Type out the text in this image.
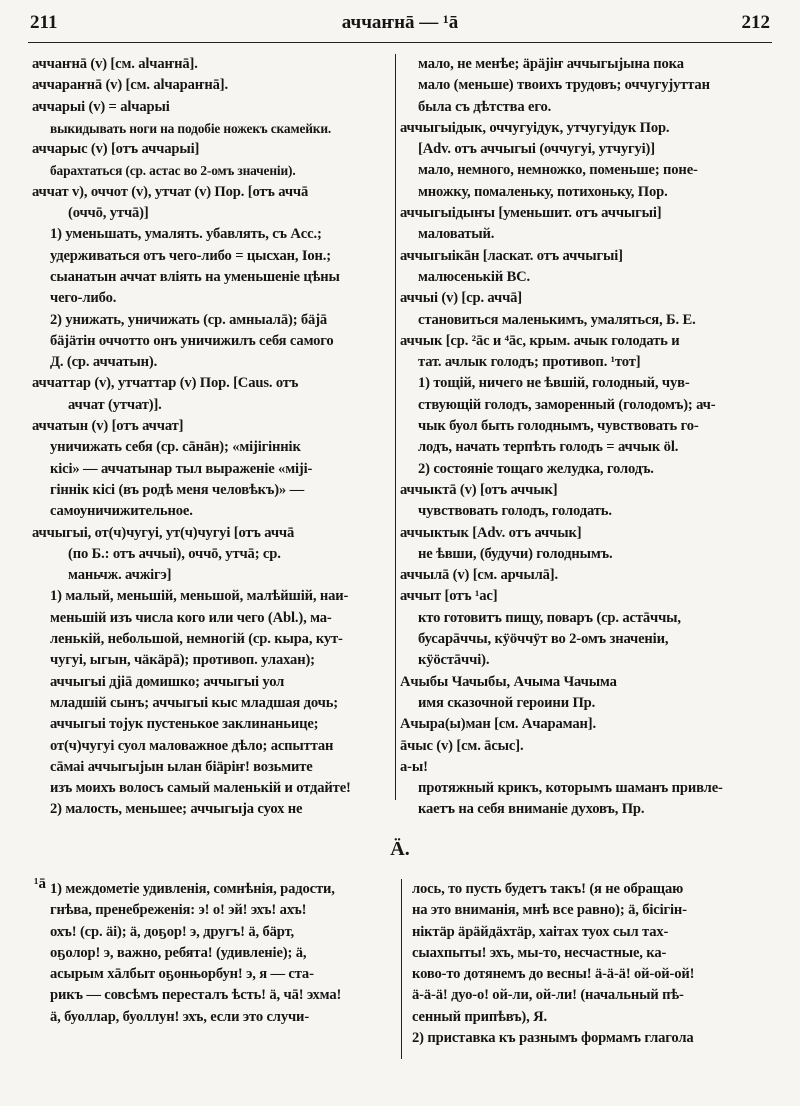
211	аччаҥнā — ¹ā	212
аччаҥнā (v) [см. аlчаҥнā].
аччараҥнā (v) [см. аlчараҥнā].
аччарыі (v) = аlчарыі
выкидывать ноги на подобіе ножекъ скамейки.
аччарыс (v) [отъ аччарыі]
барахтаться (ср. астас во 2-омъ значеніи).
аччат v), оччот (v), утчат (v) Пор. [отъ аччā
(оччō, утчā)]
1) уменьшать, умалять. убавлять, съ Acc.;
удерживаться отъ чего-либо = цысхан, Іон.;
сыанатын аччат вліять на уменьшеніе цѣны
чего-либо.
2) унижать, уничижать (ср. амныалā); бäjā
бäjäтін оччотто онъ уничижилъ себя самого
Д. (ср. аччатын).
аччаттар (v), утчаттар (v) Пор. [Caus. отъ
аччат (утчат)].
аччатын (v) [отъ аччат]
уничижать себя (ср. сāнāн); «міjігіннік
кісі» — аччатынар тыл выраженіе «міjі-
гіннік кісі (въ родѣ меня человѣкъ)» —
самоуничижительное.
аччыгыі, от(ч)чугуі, ут(ч)чугуі [отъ аччā
(по Б.: отъ аччыі), оччō, утчā; ср.
маньчж. ачжігэ]
1) малый, меньшій, меньшой, малѣйшій, наи-
меньшій изъ числа кого или чего (Abl.), ма-
ленькій, небольшой, немногій (ср. кыра, кут-
чугуі, ыгын, чäкäрā); противоп. улахан);
аччыгыі дjiā домишко; аччыгыі уол
младшій сынъ; аччыгыі кыс младшая дочь;
аччыгыі тојук пустенькое заклинаньице;
от(ч)чугуі суол маловажное дѣло; аспыттан
сāмаі аччыгыјын ылан біäріҥ! возьмите
изъ моихъ волосъ самый маленькій и отдайте!
2) малость, меньшее; аччыгыја суох не
мало, не менѣе; äрäjiҥ аччыгыјына пока
мало (меньше) твоихъ трудовъ; оччугујуттан
была съ дѣтства его.
аччыгыідык, оччугуідук, утчугуідук Пор.
[Adv. отъ аччыгыі (оччугуі, утчугуі)]
мало, немного, немножко, поменьше; поне-
множку, помаленьку, потихоньку, Пор.
аччыгыідыҥы [уменьшит. отъ аччыгыі]
маловатый.
аччыгыікāн [ласкат. отъ аччыгыі]
малюсенькій ВС.
аччыі (v) [ср. аччā]
становиться маленькимъ, умаляться, Б. Е.
аччык [ср. ²āс и ⁴āс, крым. ачык голодать и
тат. ачлык голодъ; противоп. ¹тот]
1) тощій, ничего не ѣвшій, голодный, чув-
ствующій голодъ, заморенный (голодомъ); ач-
чык буол быть голоднымъ, чувствовать го-
лодъ, начать терпѣть голодъ = аччык öl.
2) состояніе тощаго желудка, голодъ.
аччыктā (v) [отъ аччык]
чувствовать голодъ, голодать.
аччыктык [Adv. отъ аччык]
не ѣвши, (будучи) голоднымъ.
аччылā (v) [см. арчылā].
аччыт [отъ ¹ас]
кто готовитъ пищу, поваръ (ср. астāччы,
бусарāччы, кÿöччÿт во 2-омъ значеніи,
кÿöстāччі).
Ачыбы Чачыбы, Ачыма Чачыма
имя сказочной героини Пр.
Ачыра(ы)ман [см. Ачараман].
āчыс (v) [см. āсыс].
а-ы!
протяжный крикъ, которымъ шаманъ привле-
каетъ на себя вниманіе духовъ, Пр.
Ä.
¹ā 1) междометіе удивленія, сомнѣнія, радости,
гнѣва, пренебреженія: э! о! эй! эхъ! ахъ!
охъ! (ср. äі); ä, доҕор! э, другъ! ä, бäрт,
оҕолор! э, важно, ребята! (удивленіе); ä,
асырым хāлбыт оҕонњорбун! э, я — ста-
рикъ — совсѣмъ пересталъ ѣсть! ä, чā! эхма!
ä, буоллар, буоллун! эхъ, если это случи-
лось, то пусть будетъ такъ! (я не обращаю
на это вниманія, мнѣ все равно); ä, бісігін-
ніктäр äрäйдäхтäр, хаітах туох сыл тах-
сыахпыты! эхъ, мы-то, несчастные, ка-
ково-то дотянемъ до весны! ä-ä-ä! ой-ой-ой!
ä-ä-ä! дуо-о! ой-ли, ой-ли! (начальный пѣ-
сенный припѣвъ), Я.
2) приставка къ разнымъ формамъ глагола
